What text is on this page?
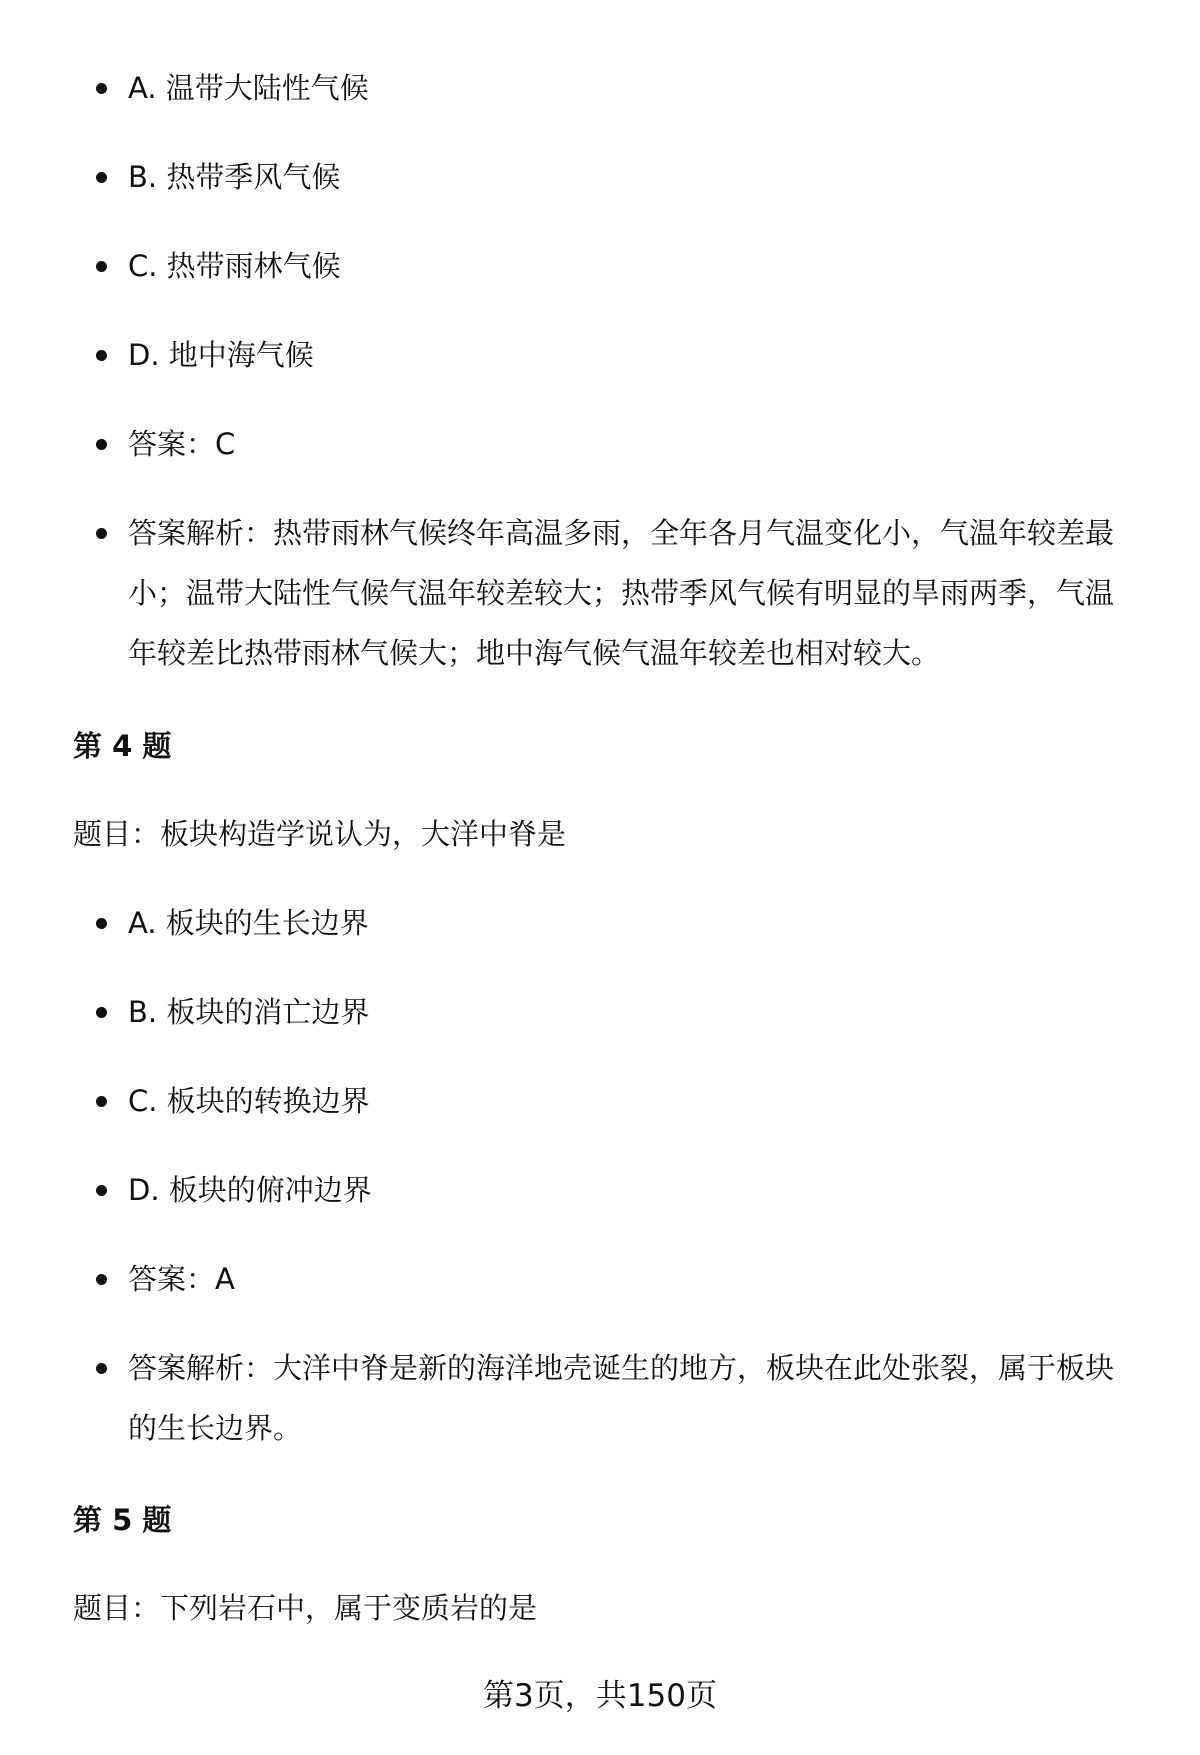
A. 温带大陆性气候
B. 热带季风气候
C. 热带雨林气候
D. 地中海气候
答案：C
答案解析：热带雨林气候终年高温多雨，全年各月气温变化小，气温年较差最小；温带大陆性气候气温年较差较大；热带季风气候有明显的旱雨两季，气温年较差比热带雨林气候大；地中海气候气温年较差也相对较大。
第 4 题
题目：板块构造学说认为，大洋中脊是
A. 板块的生长边界
B. 板块的消亡边界
C. 板块的转换边界
D. 板块的俯冲边界
答案：A
答案解析：大洋中脊是新的海洋地壳诞生的地方，板块在此处张裂，属于板块的生长边界。
第 5 题
题目：下列岩石中，属于变质岩的是
第3页，共150页
